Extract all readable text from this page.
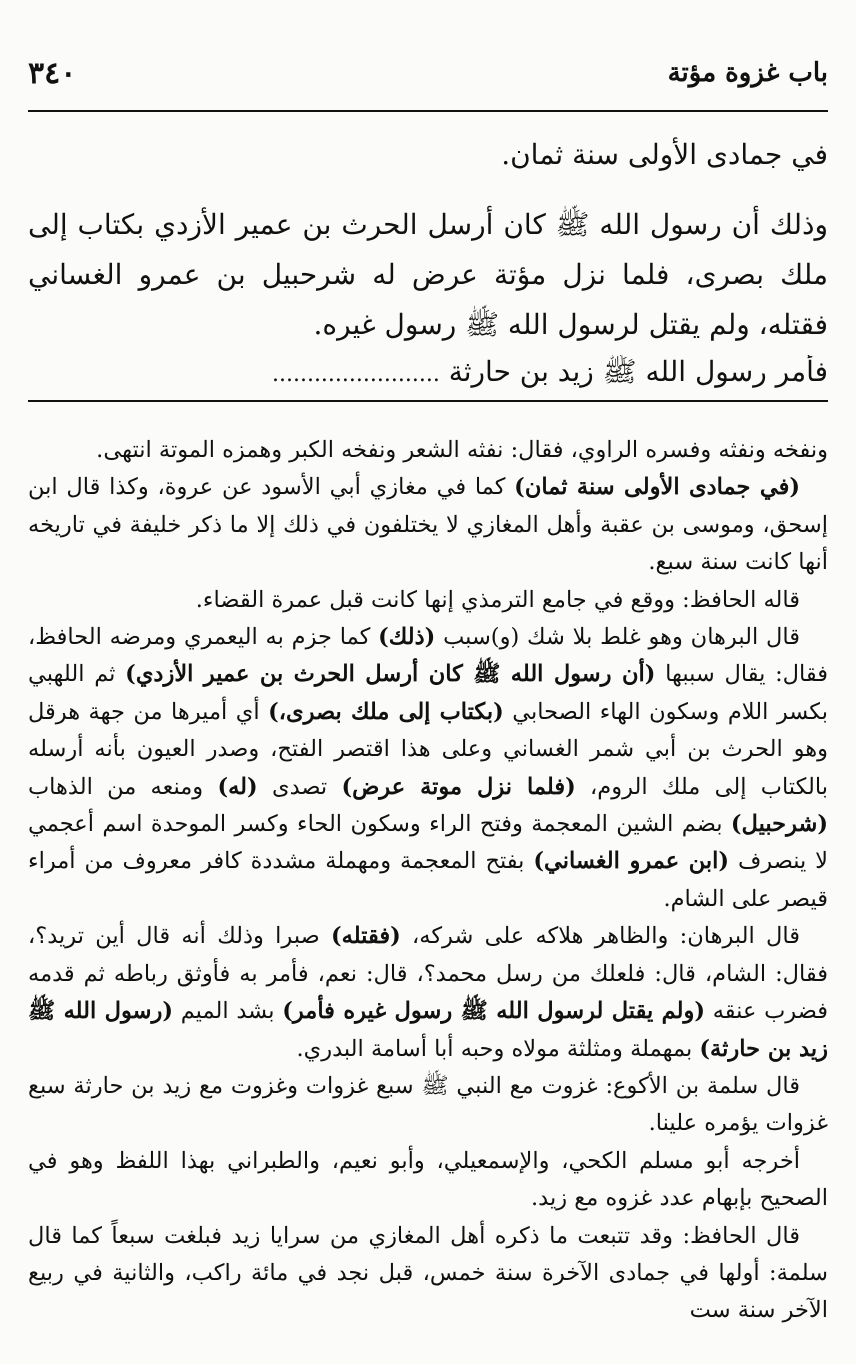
باب غزوة مؤتة
٣٤٠

في جمادى الأولى سنة ثمان.

وذلك أن رسول الله ﷺ كان أرسل الحرث بن عمير الأزدي بكتاب إلى ملك بصرى، فلما نزل مؤتة عرض له شرحبيل بن عمرو الغساني فقتله، ولم يقتل لرسول الله ﷺ رسول غيره.

فأمر رسول الله ﷺ زيد بن حارثة ........................

ونفخه ونفثه وفسره الراوي، فقال: نفثه الشعر ونفخه الكبر وهمزه الموتة انتهى.

(في جمادى الأولى سنة ثمان) كما في مغازي أبي الأسود عن عروة، وكذا قال ابن إسحق، وموسى بن عقبة وأهل المغازي لا يختلفون في ذلك إلا ما ذكر خليفة في تاريخه أنها كانت سنة سبع.

قاله الحافظ: ووقع في جامع الترمذي إنها كانت قبل عمرة القضاء.

قال البرهان وهو غلط بلا شك (و)سبب (ذلك) كما جزم به اليعمري ومرضه الحافظ، فقال: يقال سببها (أن رسول الله ﷺ كان أرسل الحرث بن عمير الأزدي) ثم اللهبي بكسر اللام وسكون الهاء الصحابي (بكتاب إلى ملك بصرى،) أي أميرها من جهة هرقل وهو الحرث بن أبي شمر الغساني وعلى هذا اقتصر الفتح، وصدر العيون بأنه أرسله بالكتاب إلى ملك الروم، (فلما نزل موتة عرض) تصدى (له) ومنعه من الذهاب (شرحبيل) بضم الشين المعجمة وفتح الراء وسكون الحاء وكسر الموحدة اسم أعجمي لا ينصرف (ابن عمرو الغساني) بفتح المعجمة ومهملة مشددة كافر معروف من أمراء قيصر على الشام.

قال البرهان: والظاهر هلاكه على شركه، (فقتله) صبرا وذلك أنه قال أين تريد؟، فقال: الشام، قال: فلعلك من رسل محمد؟، قال: نعم، فأمر به فأوثق رباطه ثم قدمه فضرب عنقه (ولم يقتل لرسول الله ﷺ رسول غيره فأمر) بشد الميم (رسول الله ﷺ زيد بن حارثة) بمهملة ومثلثة مولاه وحبه أبا أسامة البدري.

قال سلمة بن الأكوع: غزوت مع النبي ﷺ سبع غزوات وغزوت مع زيد بن حارثة سبع غزوات يؤمره علينا.

أخرجه أبو مسلم الكحي، والإسمعيلي، وأبو نعيم، والطبراني بهذا اللفظ وهو في الصحيح بإبهام عدد غزوه مع زيد.

قال الحافظ: وقد تتبعت ما ذكره أهل المغازي من سرايا زيد فبلغت سبعاً كما قال سلمة: أولها في جمادى الآخرة سنة خمس، قبل نجد في مائة راكب، والثانية في ربيع الآخر سنة ست
